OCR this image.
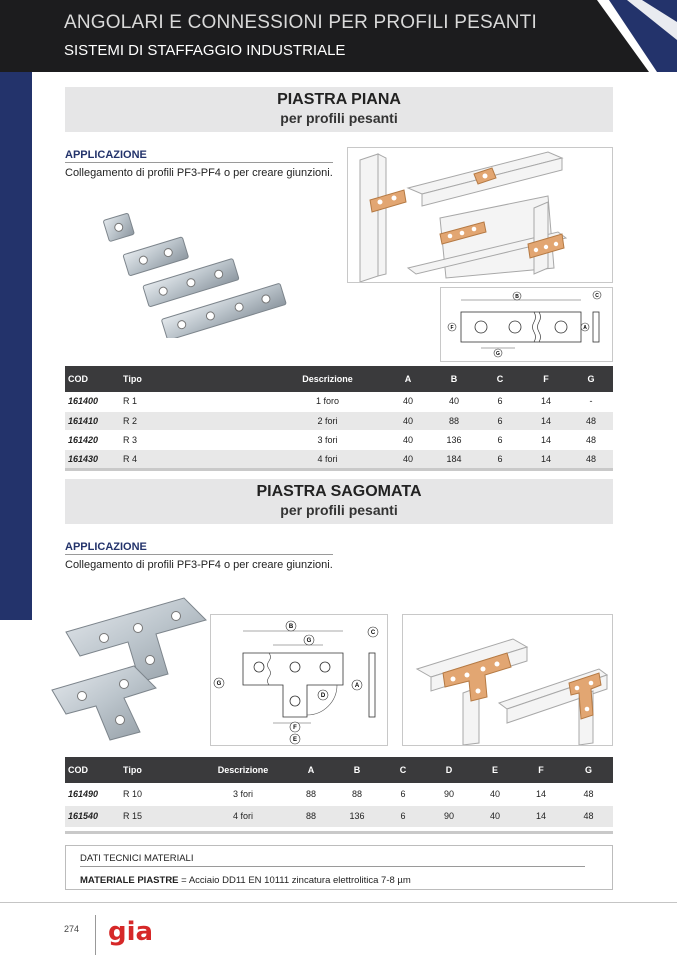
ANGOLARI E CONNESSIONI PER PROFILI PESANTI
SISTEMI DI STAFFAGGIO INDUSTRIALE
PIASTRA PIANA
per profili pesanti
APPLICAZIONE
Collegamento di profili PF3-PF4 o per creare giunzioni.
B	C
F	A
G
COD	Tipo	Descrizione	A	B	C	F	G
161400	R 1	1 foro	40	40	6	14	-
161410	R 2	2 fori	40	88	6	14	48
161420	R 3	3 fori	40	136	6	14	48
161430	R 4	4 fori	40	184	6	14	48
PIASTRA SAGOMATA
per profili pesanti
APPLICAZIONE
Collegamento di profili PF3-PF4 o per creare giunzioni.
B
G
C
G	A
D
F
E
COD	Tipo	Descrizione	A	B	C	D	E	F	G
161490	R 10	3 fori	88	88	6	90	40	14	48
161540	R 15	4 fori	88	136	6	90	40	14	48
DATI TECNICI MATERIALI
MATERIALE PIASTRE = Acciaio DD11 EN 10111 zincatura elettrolitica 7-8 µm
274 gia
